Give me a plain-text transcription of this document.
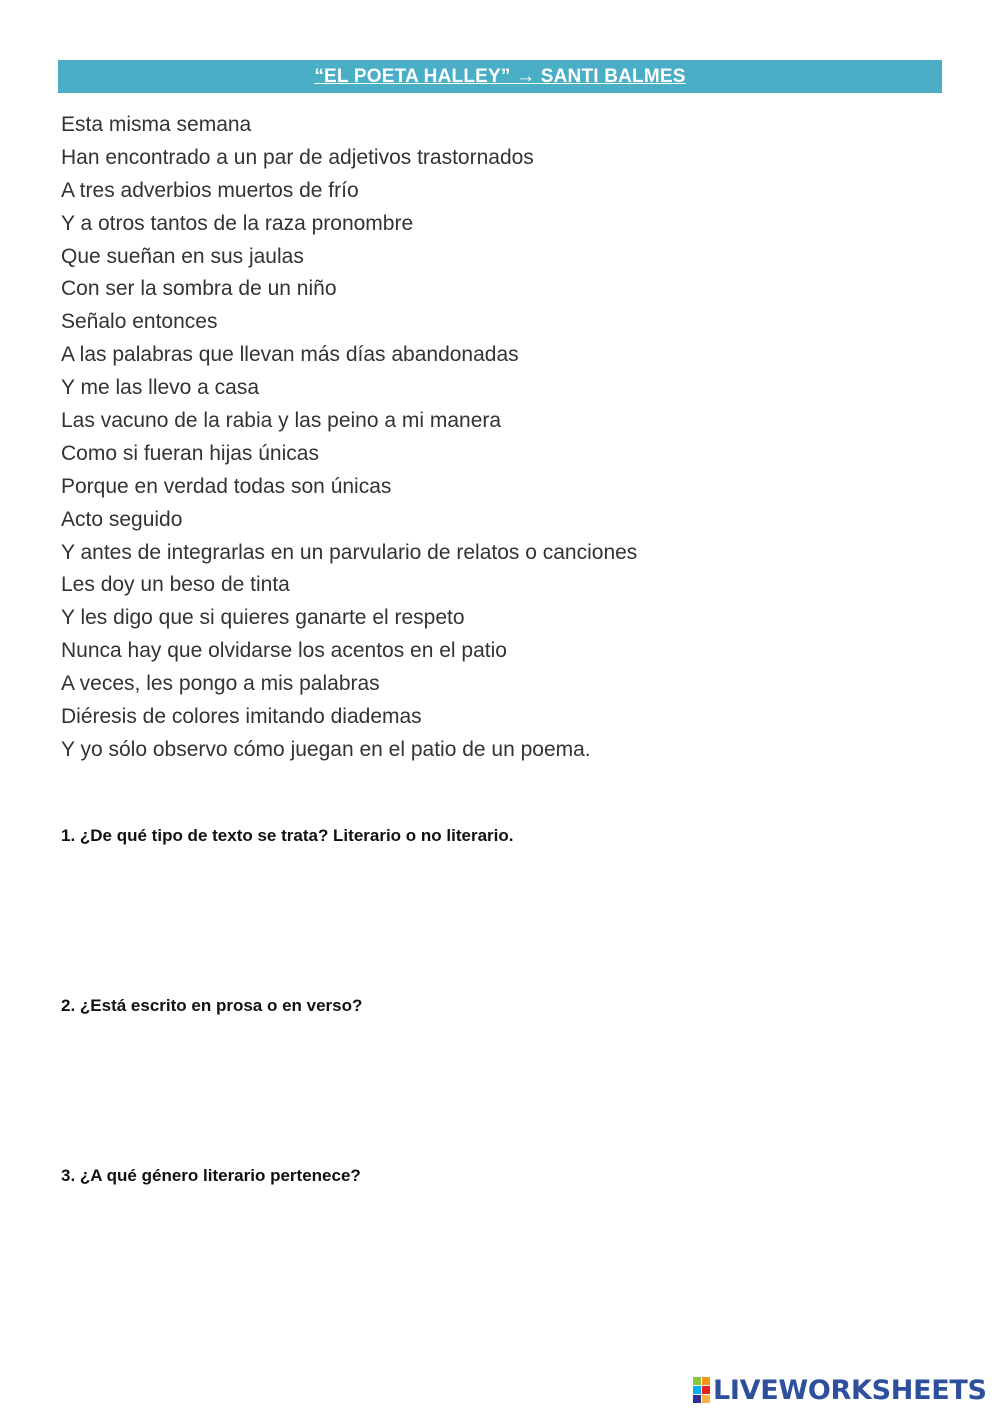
“EL POETA HALLEY” → SANTI BALMES
Esta misma semana
Han encontrado a un par de adjetivos trastornados
A tres adverbios muertos de frío
Y a otros tantos de la raza pronombre
Que sueñan en sus jaulas
Con ser la sombra de un niño
Señalo entonces
A las palabras que llevan más días abandonadas
Y me las llevo a casa
Las vacuno de la rabia y las peino a mi manera
Como si fueran hijas únicas
Porque en verdad todas son únicas
Acto seguido
Y antes de integrarlas en un parvulario de relatos o canciones
Les doy un beso de tinta
Y les digo que si quieres ganarte el respeto
Nunca hay que olvidarse los acentos en el patio
A veces, les pongo a mis palabras
Diéresis de colores imitando diademas
Y yo sólo observo cómo juegan en el patio de un poema.
1. ¿De qué tipo de texto se trata? Literario o no literario.
2. ¿Está escrito en prosa o en verso?
3. ¿A qué género literario pertenece?
LIVEWORKSHEETS
